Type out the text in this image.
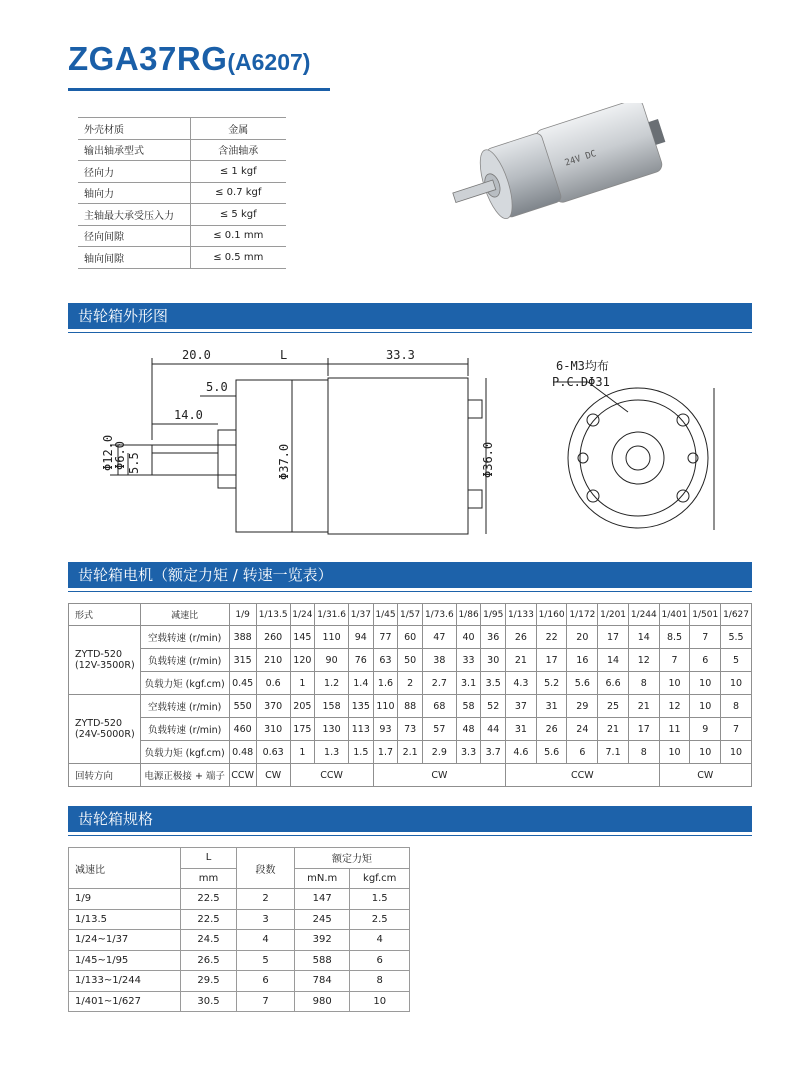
ZGA37RG(A6207)
外壳材质	金属
输出轴承型式	含油轴承
径向力	≤ 1 kgf
轴向力	≤ 0.7 kgf
主轴最大承受压入力	≤ 5 kgf
径向间隙	≤ 0.1 mm
轴向间隙	≤ 0.5 mm
24V DC
齿轮箱外形图
20.0	L	33.3
5.0
14.0
Φ12.0
Φ6.0 5.5	Φ37.0	Φ36.0
6-M3均布
P.C.DΦ31
齿轮箱电机（额定力矩 / 转速一览表）
形式	减速比	1/9	1/13.5	1/24	1/31.6	1/37	1/45	1/57	1/73.6	1/86	1/95	1/133	1/160	1/172	1/201	1/244	1/401	1/501	1/627
ZYTD-520
(12V-3500R)	空载转速 (r/min)	388	260	145	110	94	77	60	47	40	36	26	22	20	17	14	8.5	7	5.5
	负载转速 (r/min)	315	210	120	90	76	63	50	38	33	30	21	17	16	14	12	7	6	5
	负载力矩 (kgf.cm)	0.45	0.6	1	1.2	1.4	1.6	2	2.7	3.1	3.5	4.3	5.2	5.6	6.6	8	10	10	10
ZYTD-520
(24V-5000R)	空载转速 (r/min)	550	370	205	158	135	110	88	68	58	52	37	31	29	25	21	12	10	8
	负载转速 (r/min)	460	310	175	130	113	93	73	57	48	44	31	26	24	21	17	11	9	7
	负载力矩 (kgf.cm)	0.48	0.63	1	1.3	1.5	1.7	2.1	2.9	3.3	3.7	4.6	5.6	6	7.1	8	10	10	10
回转方向	电源正极接 + 端子	CCW	CW	CCW			CW					CCW					CW		
齿轮箱规格
减速比	L	段数	额定力矩	
	mm		mN.m	kgf.cm
1/9	22.5	2	147	1.5
1/13.5	22.5	3	245	2.5
1/24~1/37	24.5	4	392	4
1/45~1/95	26.5	5	588	6
1/133~1/244	29.5	6	784	8
1/401~1/627	30.5	7	980	10
